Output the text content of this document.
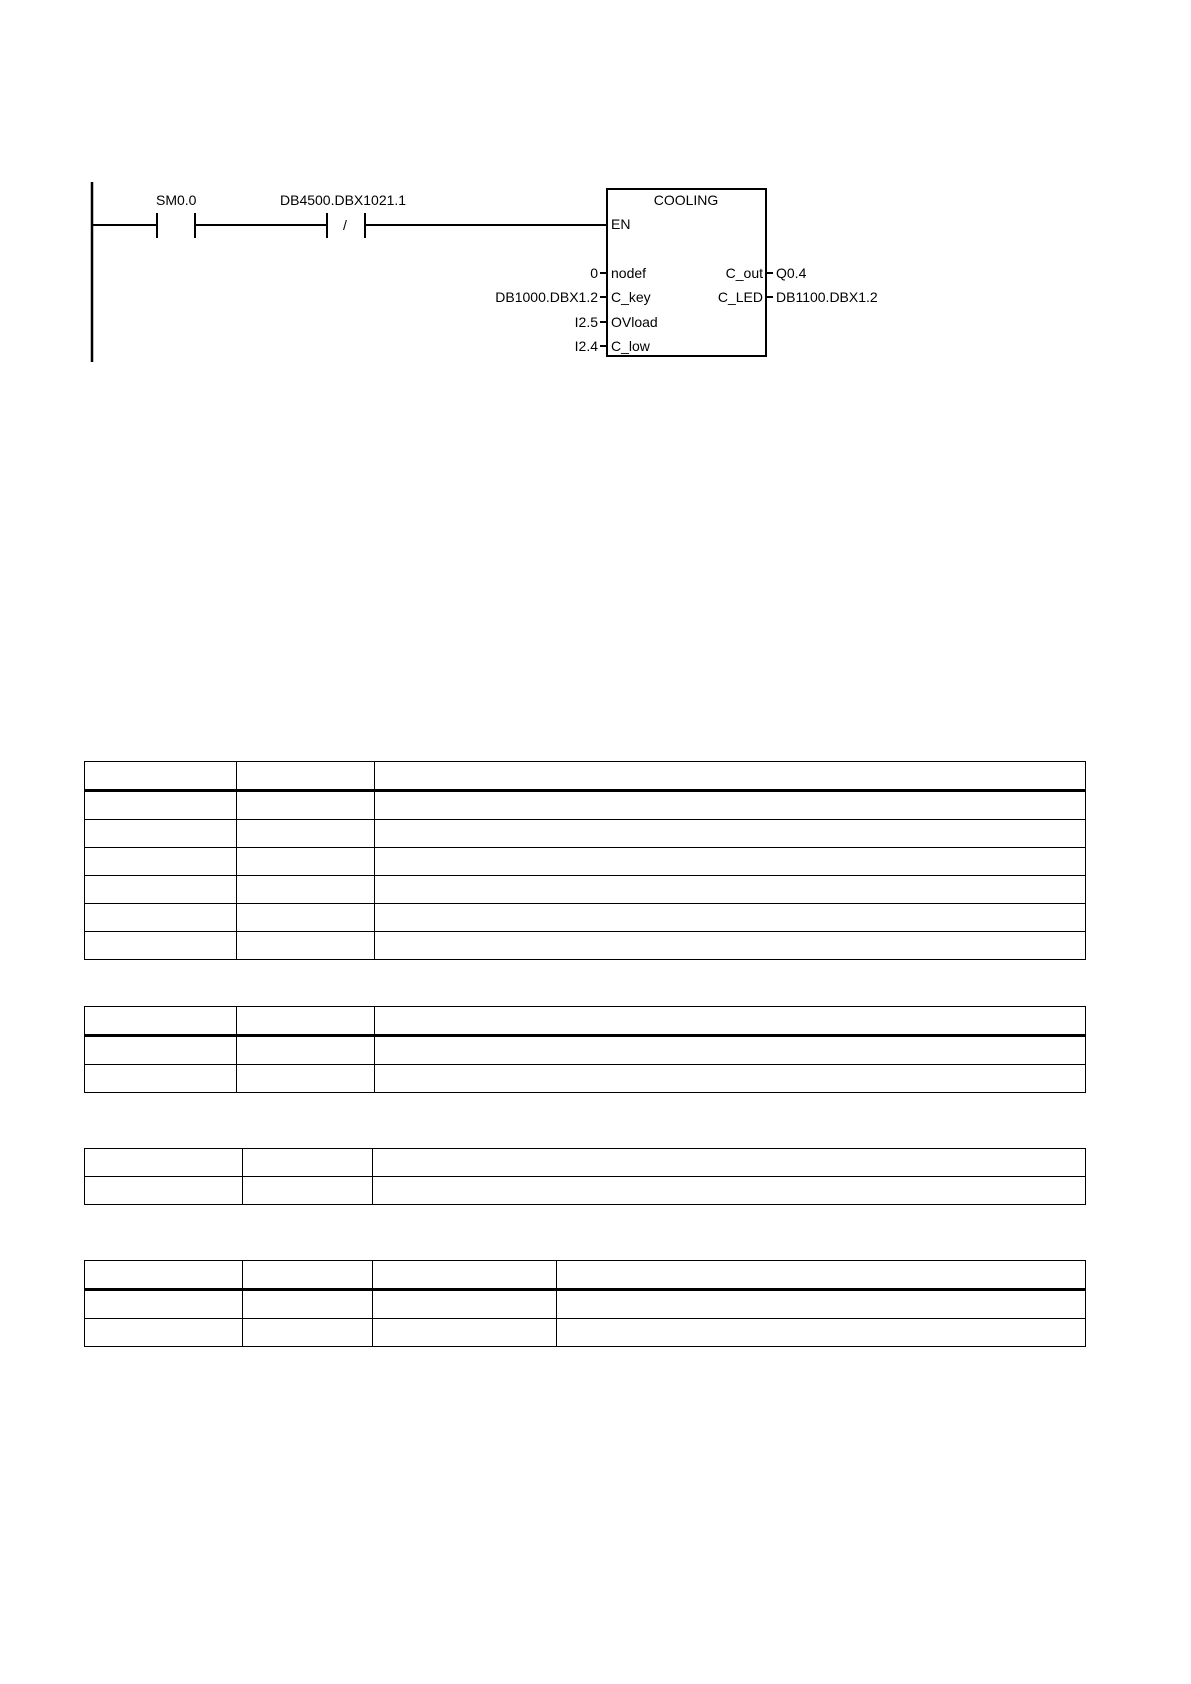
SM0.0
/
DB4500.DBX1021.1	COOLING
EN
0 nodef
DB1000.DBX1.2 C_key
I2.5 OVload
I2.4 C_low
C_out Q0.4
C_LED DB1100.DBX1.2
